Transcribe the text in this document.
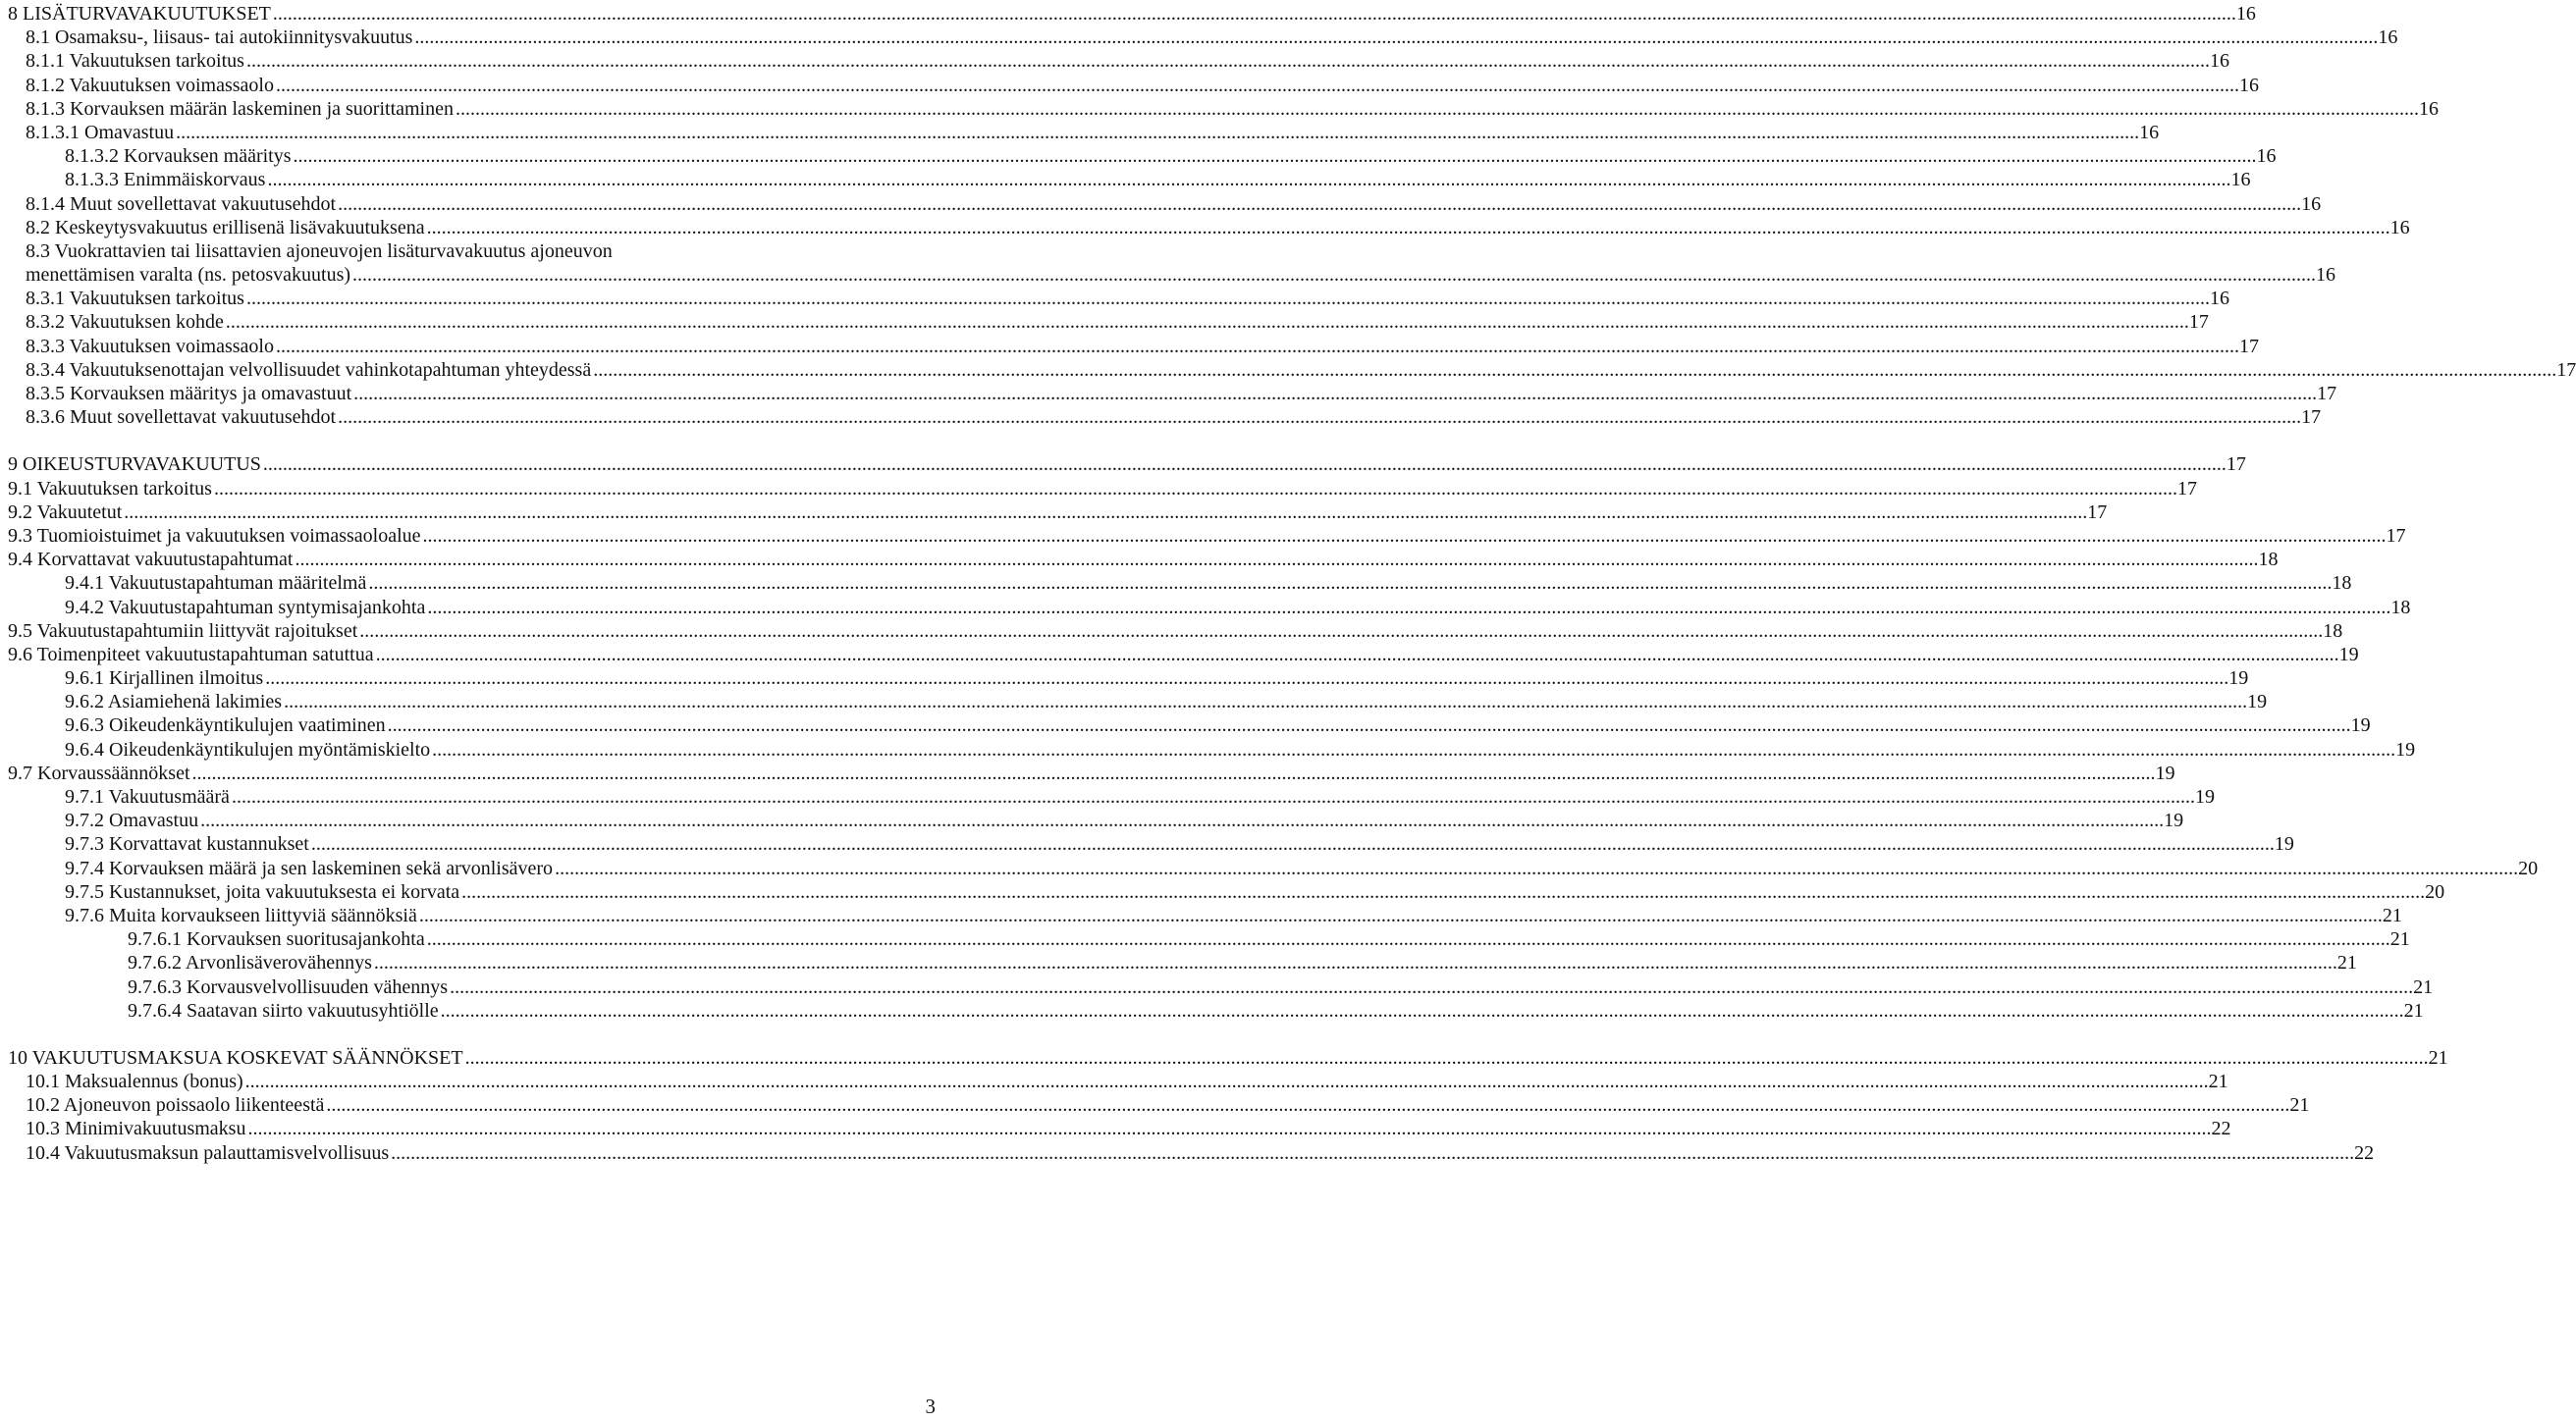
8 LISÄTURVAVAKUUTUKSET ................................................................................................................................................................................................................................................................................................................................................................................................................ 16
8.1 Osamaksu-, liisaus- tai autokiinnitysvakuutus ................................................................................................................................................................................................................................................................................................................................................................................................................ 16
8.1.1 Vakuutuksen tarkoitus ................................................................................................................................................................................................................................................................................................................................................................................................................ 16
8.1.2 Vakuutuksen voimassaolo ................................................................................................................................................................................................................................................................................................................................................................................................................ 16
8.1.3 Korvauksen määrän laskeminen ja suorittaminen ................................................................................................................................................................................................................................................................................................................................................................................................................ 16
8.1.3.1 Omavastuu ................................................................................................................................................................................................................................................................................................................................................................................................................ 16
8.1.3.2 Korvauksen määritys ................................................................................................................................................................................................................................................................................................................................................................................................................ 16
8.1.3.3 Enimmäiskorvaus ................................................................................................................................................................................................................................................................................................................................................................................................................ 16
8.1.4 Muut sovellettavat vakuutusehdot ................................................................................................................................................................................................................................................................................................................................................................................................................ 16
8.2 Keskeytysvakuutus erillisenä lisävakuutuksena ................................................................................................................................................................................................................................................................................................................................................................................................................ 16
8.3 Vuokrattavien tai liisattavien ajoneuvojen lisäturvavakuutus ajoneuvon
menettämisen varalta (ns. petosvakuutus) ................................................................................................................................................................................................................................................................................................................................................................................................................ 16
8.3.1 Vakuutuksen tarkoitus ................................................................................................................................................................................................................................................................................................................................................................................................................ 16
8.3.2 Vakuutuksen kohde ................................................................................................................................................................................................................................................................................................................................................................................................................ 17
8.3.3 Vakuutuksen voimassaolo ................................................................................................................................................................................................................................................................................................................................................................................................................ 17
8.3.4 Vakuutuksenottajan velvollisuudet vahinkotapahtuman yhteydessä ................................................................................................................................................................................................................................................................................................................................................................................................................ 17
8.3.5 Korvauksen määritys ja omavastuut ................................................................................................................................................................................................................................................................................................................................................................................................................ 17
8.3.6 Muut sovellettavat vakuutusehdot ................................................................................................................................................................................................................................................................................................................................................................................................................ 17
9 OIKEUSTURVAVAKUUTUS ................................................................................................................................................................................................................................................................................................................................................................................................................ 17
9.1 Vakuutuksen tarkoitus ................................................................................................................................................................................................................................................................................................................................................................................................................ 17
9.2 Vakuutetut ................................................................................................................................................................................................................................................................................................................................................................................................................ 17
9.3 Tuomioistuimet ja vakuutuksen voimassaoloalue ................................................................................................................................................................................................................................................................................................................................................................................................................ 17
9.4 Korvattavat vakuutustapahtumat ................................................................................................................................................................................................................................................................................................................................................................................................................ 18
9.4.1 Vakuutustapahtuman määritelmä ................................................................................................................................................................................................................................................................................................................................................................................................................ 18
9.4.2 Vakuutustapahtuman syntymisajankohta ................................................................................................................................................................................................................................................................................................................................................................................................................ 18
9.5 Vakuutustapahtumiin liittyvät rajoitukset ................................................................................................................................................................................................................................................................................................................................................................................................................ 18
9.6 Toimenpiteet vakuutustapahtuman satuttua ................................................................................................................................................................................................................................................................................................................................................................................................................ 19
9.6.1 Kirjallinen ilmoitus ................................................................................................................................................................................................................................................................................................................................................................................................................ 19
9.6.2 Asiamiehenä lakimies ................................................................................................................................................................................................................................................................................................................................................................................................................ 19
9.6.3 Oikeudenkäyntikulujen vaatiminen ................................................................................................................................................................................................................................................................................................................................................................................................................ 19
9.6.4 Oikeudenkäyntikulujen myöntämiskielto ................................................................................................................................................................................................................................................................................................................................................................................................................ 19
9.7 Korvaussäännökset ................................................................................................................................................................................................................................................................................................................................................................................................................ 19
9.7.1 Vakuutusmäärä ................................................................................................................................................................................................................................................................................................................................................................................................................ 19
9.7.2 Omavastuu ................................................................................................................................................................................................................................................................................................................................................................................................................ 19
9.7.3 Korvattavat kustannukset ................................................................................................................................................................................................................................................................................................................................................................................................................ 19
9.7.4 Korvauksen määrä ja sen laskeminen sekä arvonlisävero ................................................................................................................................................................................................................................................................................................................................................................................................................ 20
9.7.5 Kustannukset, joita vakuutuksesta ei korvata ................................................................................................................................................................................................................................................................................................................................................................................................................ 20
9.7.6 Muita korvaukseen liittyviä säännöksiä ................................................................................................................................................................................................................................................................................................................................................................................................................ 21
9.7.6.1 Korvauksen suoritusajankohta ................................................................................................................................................................................................................................................................................................................................................................................................................ 21
9.7.6.2 Arvonlisäverovähennys ................................................................................................................................................................................................................................................................................................................................................................................................................ 21
9.7.6.3 Korvausvelvollisuuden vähennys ................................................................................................................................................................................................................................................................................................................................................................................................................ 21
9.7.6.4 Saatavan siirto vakuutusyhtiölle ................................................................................................................................................................................................................................................................................................................................................................................................................ 21
10 VAKUUTUSMAKSUA KOSKEVAT SÄÄNNÖKSET ................................................................................................................................................................................................................................................................................................................................................................................................................ 21
10.1 Maksualennus (bonus) ................................................................................................................................................................................................................................................................................................................................................................................................................ 21
10.2 Ajoneuvon poissaolo liikenteestä ................................................................................................................................................................................................................................................................................................................................................................................................................ 21
10.3 Minimivakuutusmaksu ................................................................................................................................................................................................................................................................................................................................................................................................................ 22
10.4 Vakuutusmaksun palauttamisvelvollisuus ................................................................................................................................................................................................................................................................................................................................................................................................................ 22
3
